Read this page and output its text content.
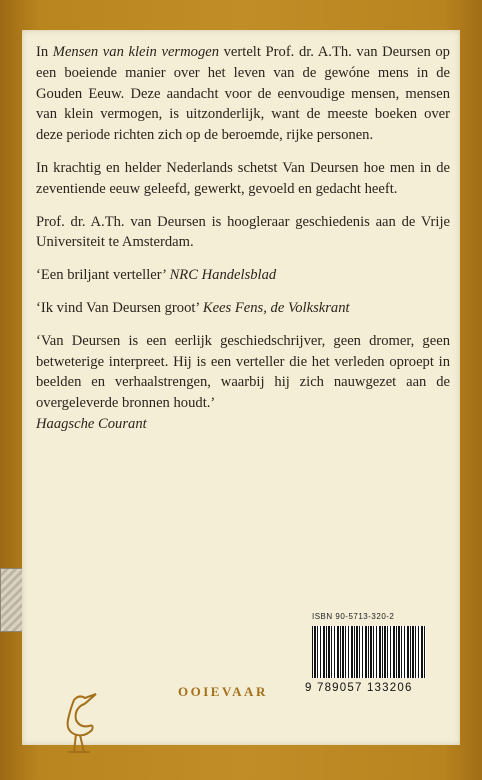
In Mensen van klein vermogen vertelt Prof. dr. A.Th. van Deursen op een boeiende manier over het leven van de gewóne mens in de Gouden Eeuw. Deze aandacht voor de eenvoudige mensen, mensen van klein vermogen, is uitzonderlijk, want de meeste boeken over deze periode richten zich op de beroemde, rijke personen.

In krachtig en helder Nederlands schetst Van Deursen hoe men in de zeventiende eeuw geleefd, gewerkt, gevoeld en gedacht heeft.

Prof. dr. A.Th. van Deursen is hoogleraar geschiedenis aan de Vrije Universiteit te Amsterdam.

‘Een briljant verteller’ NRC Handelsblad

‘Ik vind Van Deursen groot’ Kees Fens, de Volkskrant

‘Van Deursen is een eerlijk geschiedschrijver, geen dromer, geen betweterige interpreet. Hij is een verteller die het verleden oproept in beelden en verhaalstrengen, waarbij hij zich nauwgezet aan de overgeleverde bronnen houdt.’
Haagsche Courant

OOIEVAAR
ISBN 90-5713-320-2
9 789057 133206
